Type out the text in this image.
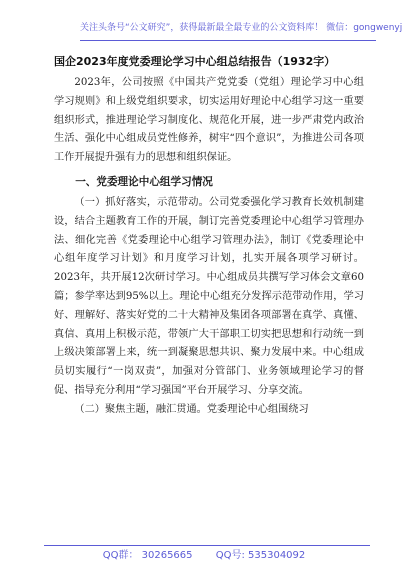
关注头条号“公文研究”，获得最新最全最专业的公文资料库！ 微信：gongwenyj
国企2023年度党委理论学习中心组总结报告（1932字）

2023年，公司按照《中国共产党党委（党组）理论学习中心组学习规则》和上级党组织要求，切实运用好理论中心组学习这一重要组织形式，推进理论学习制度化、规范化开展，进一步严肃党内政治生活、强化中心组成员党性修养，树牢“四个意识”，为推进公司各项工作开展提升强有力的思想和组织保证。

一、党委理论中心组学习情况

（一）抓好落实，示范带动。公司党委强化学习教育长效机制建设，结合主题教育工作的开展，制订完善党委理论中心组学习管理办法、细化完善《党委理论中心组学习管理办法》，制订《党委理论中心组年度学习计划》和月度学习计划，扎实开展各项学习研讨。2023年，共开展12次研讨学习。中心组成员共撰写学习体会文章60篇；参学率达到95%以上。理论中心组充分发挥示范带动作用，学习好、理解好、落实好党的二十大精神及集团各项部署在真学、真懂、真信、真用上积极示范，带领广大干部职工切实把思想和行动统一到上级决策部署上来，统一到凝聚思想共识、聚力发展中来。中心组成员切实履行“一岗双责”，加强对分管部门、业务领域理论学习的督促、指导充分利用“学习强国”平台开展学习、分享交流。

（二）聚焦主题，融汇贯通。党委理论中心组围绕习

QQ群： 30265665 QQ号: 535304092
